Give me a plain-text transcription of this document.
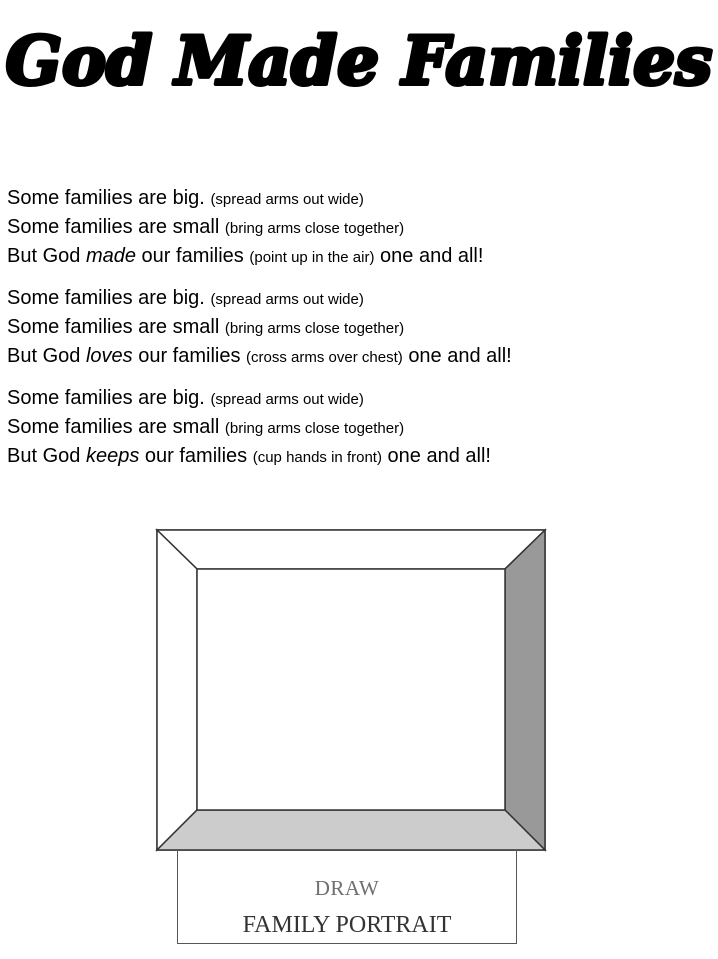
God Made Families
Some families are big. (spread arms out wide)
Some families are small (bring arms close together)
But God made our families (point up in the air) one and all!
Some families are big. (spread arms out wide)
Some families are small (bring arms close together)
But God loves our families (cross arms over chest) one and all!
Some families are big. (spread arms out wide)
Some families are small (bring arms close together)
But God keeps our families (cup hands in front) one and all!
DRAW
FAMILY PORTRAIT
